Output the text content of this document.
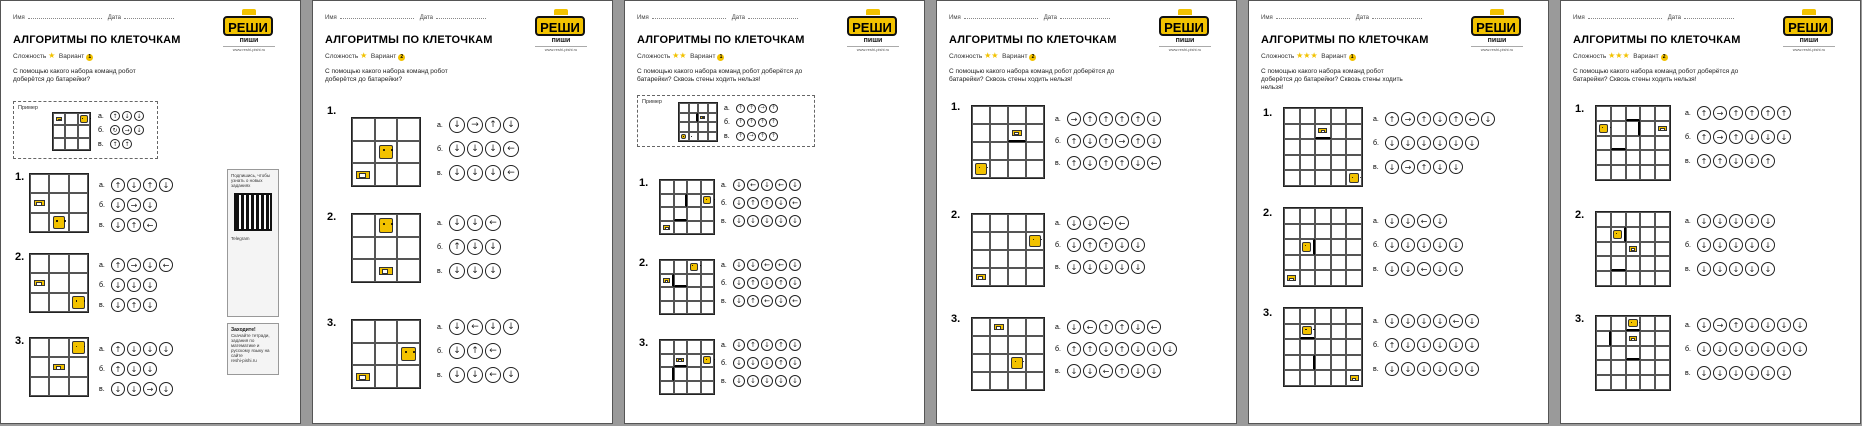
Имя	Дата
РЕШИ
пиши
www.reshi-pishi.ru
АЛГОРИТМЫ ПО КЛЕТОЧКАМ
Сложность ★ Вариант 1
С помощью какого набора команд робот доберётся до батарейки?
Пример
а.	↑	↓	↓
б.	↻	→	↓
в.	↑	↑
1.
а.	↑	↓	↑	↓
б.	↓	→	↓
в.	↓	↑	←
2.
а.	↑	→	↓	←
б.	↓	↓	↓
в.	↓	↑	↓
3.
а.	↑	↓	↓	↓
б.	↑	↓	↓
в.	↓	↓	→	↓
Подпишись, чтобы узнать о новых заданиях
Telegram
Заходите!
Скачайте тетради, задания по математике и русскому языку на сайте
reshi-pishi.ru
Имя	Дата
РЕШИ
пиши
www.reshi-pishi.ru
АЛГОРИТМЫ ПО КЛЕТОЧКАМ
Сложность ★ Вариант 2
С помощью какого набора команд робот доберётся до батарейки?
1.
а.	↓	→	↑	↓
б.	↓	↓	↓	←
в.	↓	↓	↓	←
2.	а.	↓	↓	←
б.	↑	↓	↓
в.	↓	↓	↓
3.	а.	↓	←	↓	↓
б.	↓	↑	←
в.	↓	↓	←	↓
Имя	Дата
РЕШИ
пиши
www.reshi-pishi.ru
АЛГОРИТМЫ ПО КЛЕТОЧКАМ
Сложность ★★ Вариант 1
С помощью какого набора команд робот доберётся до батарейки? Сквозь стены ходить нельзя!
Пример
а.	↑	↑	→	↑
б.	↑	↑	↑	↑
в.	↑	→	↑	↑
1.	а.	↓	←	↓	←	↓
б.	↓	↑	↑	↓	←
в.	↓	↓	↓	↓	↓
2.	а.	↓	↓	←	←	↓
б.	↓	↑	↓	↑	↓
в.	↓	↑	←	↓	←
3.	а.	↓	↑	↓	↑	↓
б.	↓	↓	↓	↑	↓
в.	↓	↓	↓	↓	↓
Имя	Дата
РЕШИ
пиши
www.reshi-pishi.ru
АЛГОРИТМЫ ПО КЛЕТОЧКАМ
Сложность ★★ Вариант 2
С помощью какого набора команд робот доберётся до батарейки? Сквозь стены ходить нельзя!
1.
а.	→	↑	↑	↑	↑	↓
б.	↑	↓	↑	→	↑	↓
в.	↑	↓	↑	↑	↓	←
2.
а.	↓	↓	←	←
б.	↓	↑	↑	↓	↓
в.	↓	↓	↓	↓	↓
3.
а.	↓	←	↑	↑	↓	←
б.	↑	↑	↓	↑	↓	↓	↓
в.	↓	↓	←	↑	↓	↓
Имя	Дата
РЕШИ
пиши
www.reshi-pishi.ru
АЛГОРИТМЫ ПО КЛЕТОЧКАМ
Сложность ★★★ Вариант 1
С помощью какого набора команд робот доберётся до батарейки? Сквозь стены ходить нельзя!
1.	а.	↑	→	↑	↓	↑	←	↓
б.	↓	↓	↓	↓	↓	↓
в.	↓	→	↑	↓	↓
2.
а.	↓	↓	←	↓
б.	↓	↓	↓	↓	↓
в.	↓	↓	←	↓	↓
3.
а.	↓	↓	↓	↓	←	↓
б.	↑	↓	↓	↓	↓	↓
в.	↓	↓	↓	↓	↓	↓
Имя	Дата
РЕШИ
пиши
www.reshi-pishi.ru
АЛГОРИТМЫ ПО КЛЕТОЧКАМ
Сложность ★★★ Вариант 2
С помощью какого набора команд робот доберётся до батарейки? Сквозь стены ходить нельзя!
1.	а.	↑	→	↑	↑	↑	↑
б.	↑	→	↑	↓	↓	↓
в.	↑	↑	↓	↓	↑
2.	а.	↓	↓	↓	↓	↓
б.	↓	↓	↓	↓	↓
в.	↓	↓	↓	↓	↓
3.	а.	↓	→	↑	↓	↓	↓	↓
б.	↓	↓	↓	↓	↓	↓	↓
в.	↓	↓	↓	↓	↓	↓
